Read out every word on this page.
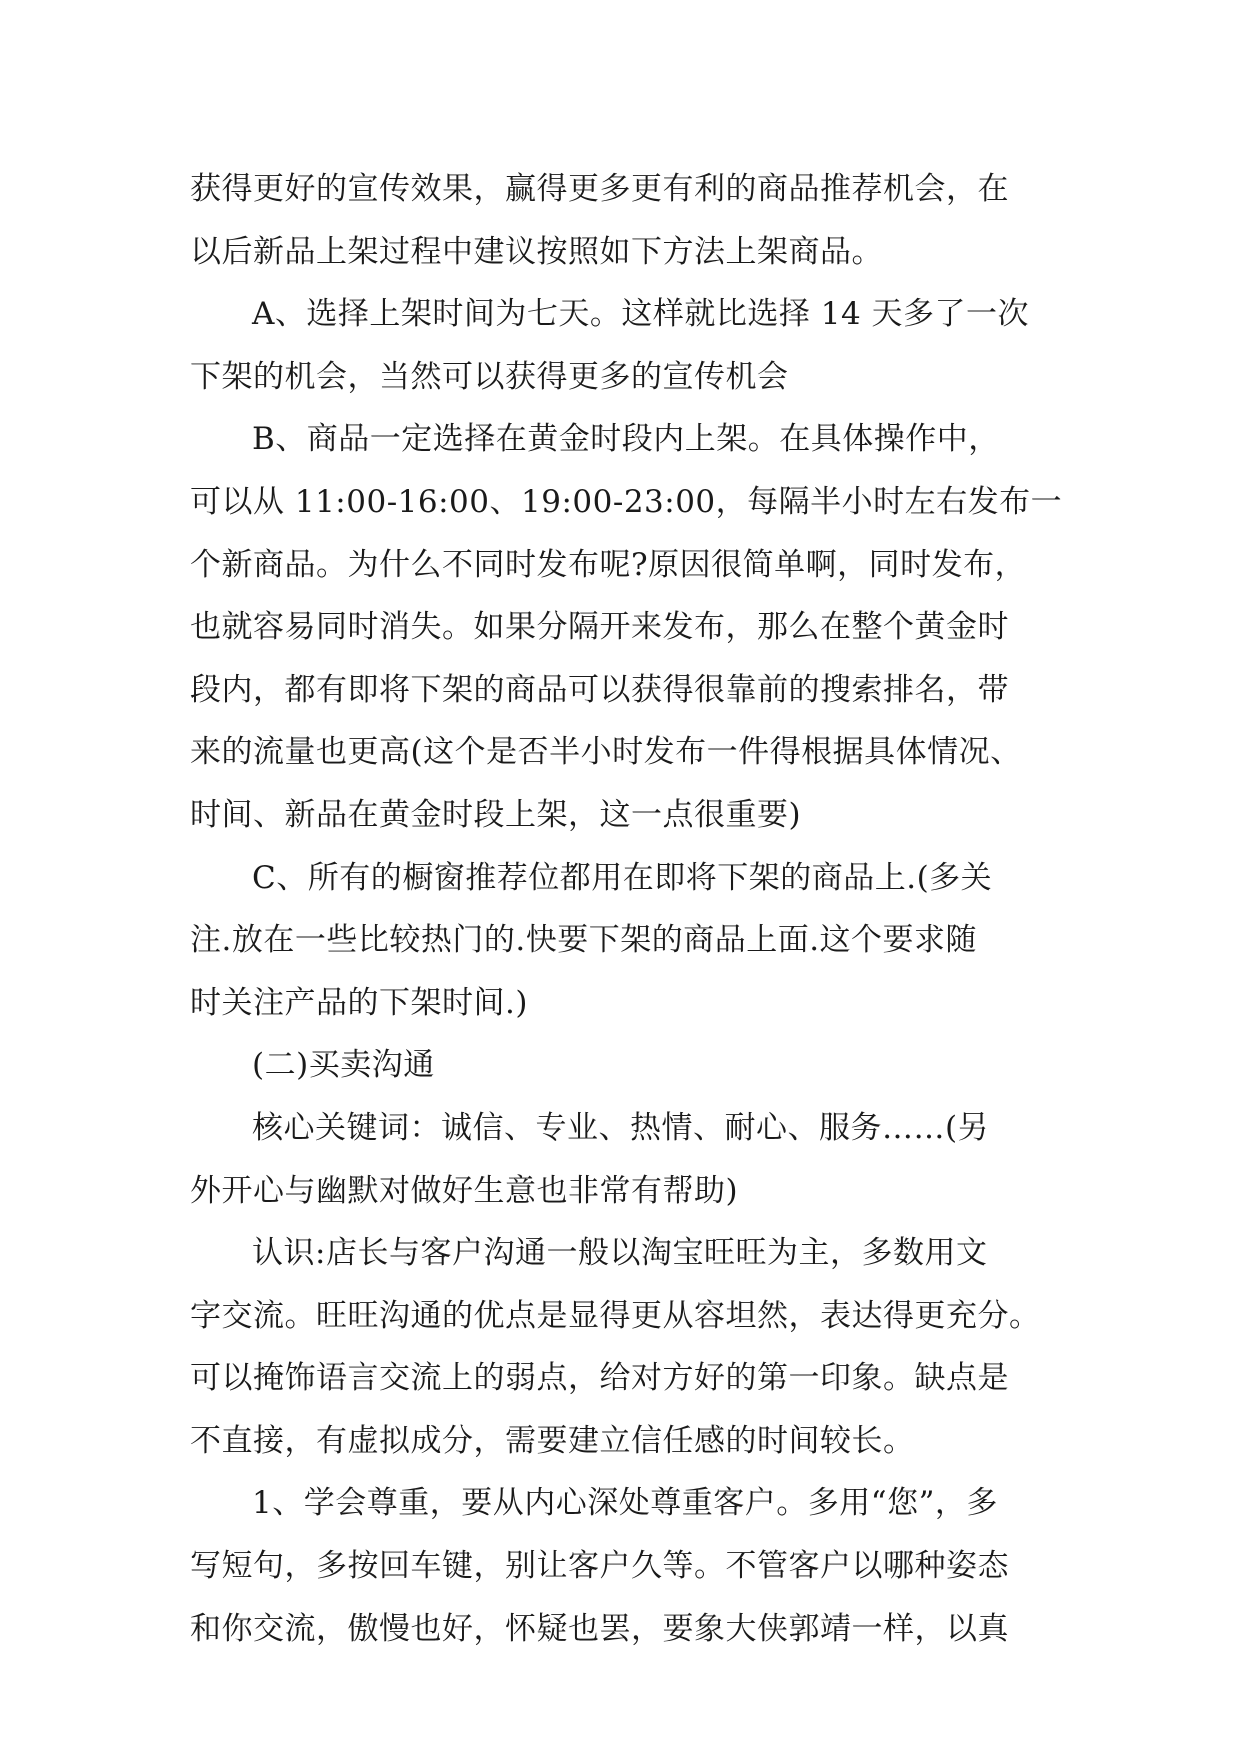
获得更好的宣传效果，赢得更多更有利的商品推荐机会，在
以后新品上架过程中建议按照如下方法上架商品。
A、选择上架时间为七天。这样就比选择 14 天多了一次
下架的机会，当然可以获得更多的宣传机会
B、商品一定选择在黄金时段内上架。在具体操作中，
可以从 11:00-16:00、19:00-23:00，每隔半小时左右发布一
个新商品。为什么不同时发布呢?原因很简单啊，同时发布，
也就容易同时消失。如果分隔开来发布，那么在整个黄金时
段内，都有即将下架的商品可以获得很靠前的搜索排名，带
来的流量也更高(这个是否半小时发布一件得根据具体情况、
时间、新品在黄金时段上架，这一点很重要)
C、所有的橱窗推荐位都用在即将下架的商品上.(多关
注.放在一些比较热门的.快要下架的商品上面.这个要求随
时关注产品的下架时间.)
(二)买卖沟通
核心关键词：诚信、专业、热情、耐心、服务……(另
外开心与幽默对做好生意也非常有帮助)
认识:店长与客户沟通一般以淘宝旺旺为主，多数用文
字交流。旺旺沟通的优点是显得更从容坦然，表达得更充分。
可以掩饰语言交流上的弱点，给对方好的第一印象。缺点是
不直接，有虚拟成分，需要建立信任感的时间较长。
1、学会尊重，要从内心深处尊重客户。多用“您”，多
写短句，多按回车键，别让客户久等。不管客户以哪种姿态
和你交流，傲慢也好，怀疑也罢，要象大侠郭靖一样，以真
